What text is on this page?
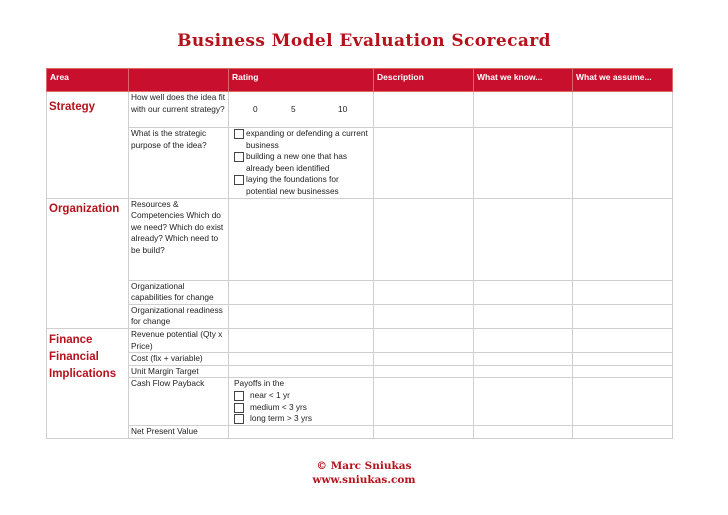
Business Model Evaluation Scorecard
Area		Rating	Description	What we know...	What we assume...
Strategy	How well does the idea fit with our current strategy?	0 5 10			

	What is the strategic purpose of the idea?	expanding or defending a current business
building a new one that has already been identified
laying the foundations for potential new businesses			

Organization	Resources & Competencies Which do we need? Which do exist already? Which need to be build?				
	Organizational capabilities for change				
	Organizational readiness for change				

Finance
Financial
Implications	Revenue potential (Qty x Price)				
	Cost (fix + variable)				
	Unit Margin Target				
	Cash Flow Payback	Payoffs in the
near < 1 yr
medium < 3 yrs
long term > 3 yrs			

	Net Present Value				
© Marc Sniukas
www.sniukas.com
